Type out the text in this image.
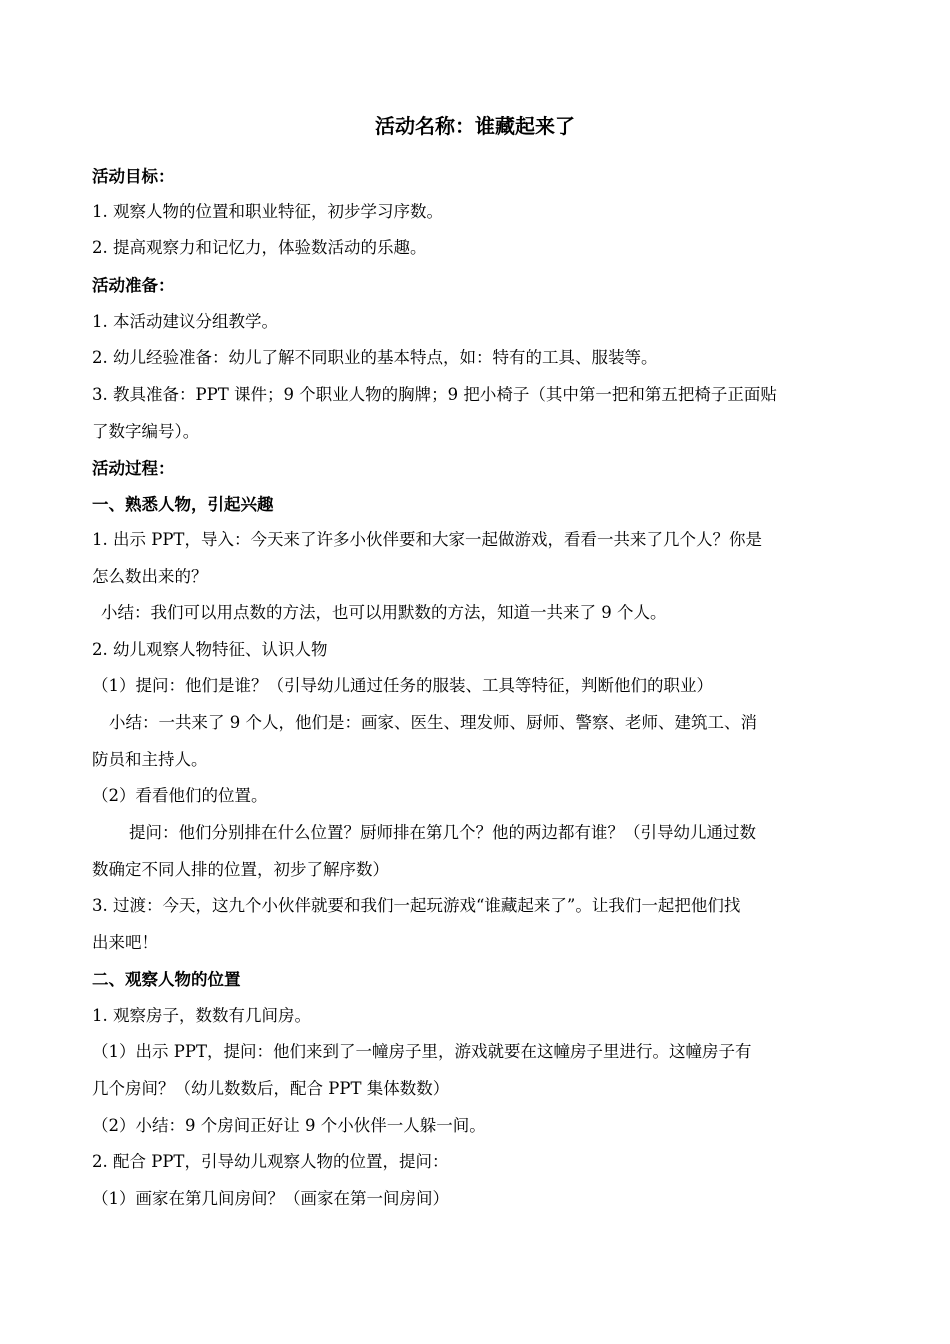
活动名称：谁藏起来了
活动目标：
1. 观察人物的位置和职业特征，初步学习序数。
2. 提高观察力和记忆力，体验数活动的乐趣。
活动准备：
1. 本活动建议分组教学。
2. 幼儿经验准备：幼儿了解不同职业的基本特点，如：特有的工具、服装等。
3. 教具准备：PPT 课件；9 个职业人物的胸牌；9 把小椅子（其中第一把和第五把椅子正面贴
了数字编号）。
活动过程：
一、熟悉人物，引起兴趣
1. 出示 PPT，导入：今天来了许多小伙伴要和大家一起做游戏，看看一共来了几个人？你是
怎么数出来的？
小结：我们可以用点数的方法，也可以用默数的方法，知道一共来了 9 个人。
2. 幼儿观察人物特征、认识人物
（1）提问：他们是谁？（引导幼儿通过任务的服装、工具等特征，判断他们的职业）
小结：一共来了 9 个人，他们是：画家、医生、理发师、厨师、警察、老师、建筑工、消
防员和主持人。
（2）看看他们的位置。
提问：他们分别排在什么位置？厨师排在第几个？他的两边都有谁？（引导幼儿通过数
数确定不同人排的位置，初步了解序数）
3. 过渡：今天，这九个小伙伴就要和我们一起玩游戏“谁藏起来了”。让我们一起把他们找
出来吧！
二、观察人物的位置
1. 观察房子，数数有几间房。
（1）出示 PPT，提问：他们来到了一幢房子里，游戏就要在这幢房子里进行。这幢房子有
几个房间？（幼儿数数后，配合 PPT 集体数数）
（2）小结：9 个房间正好让 9 个小伙伴一人躲一间。
2. 配合 PPT，引导幼儿观察人物的位置，提问：
（1）画家在第几间房间？（画家在第一间房间）
